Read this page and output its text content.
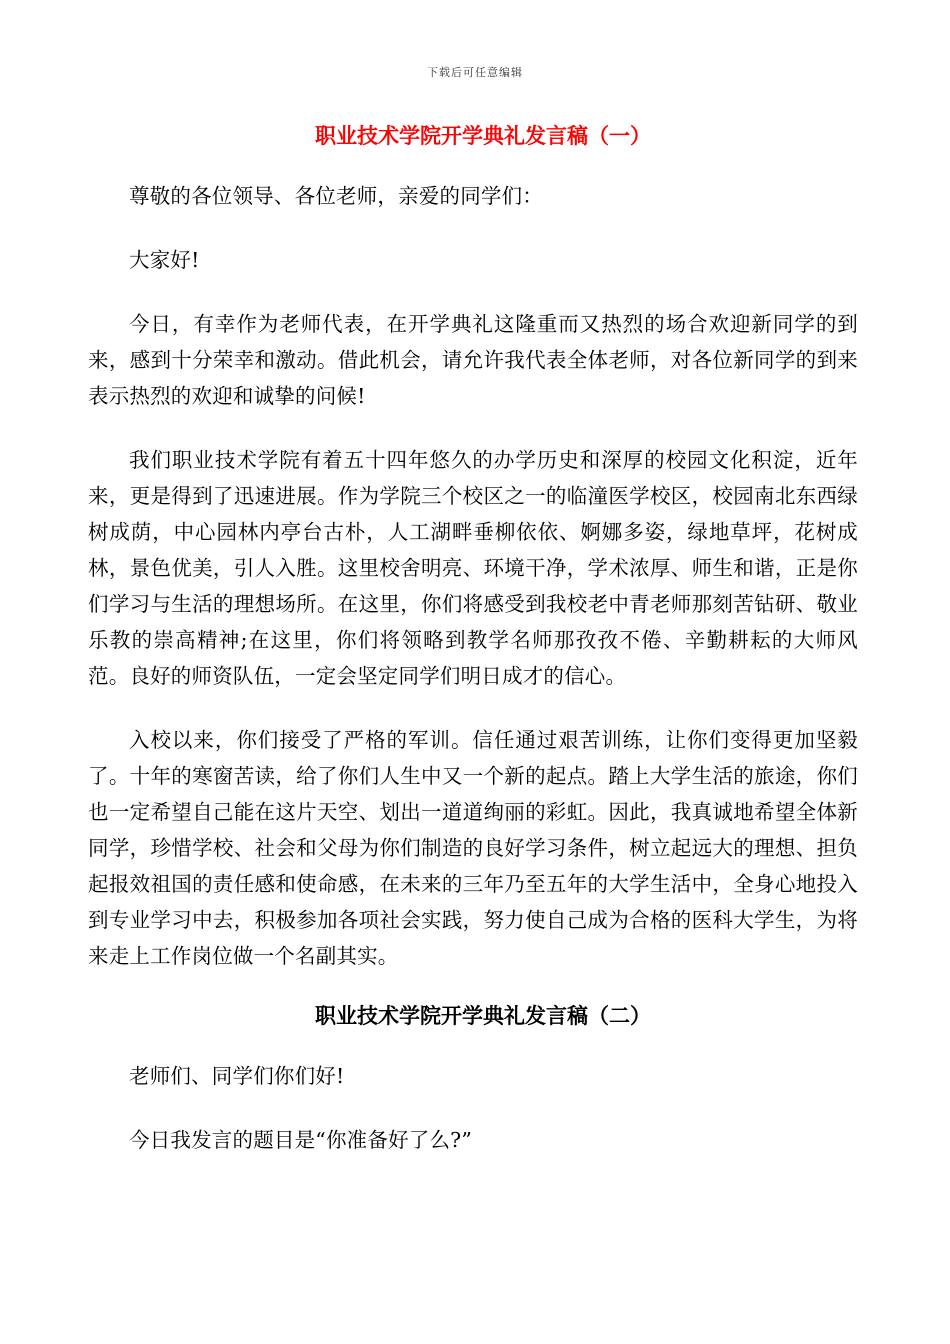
下载后可任意编辑
职业技术学院开学典礼发言稿（一）

尊敬的各位领导、各位老师，亲爱的同学们：

大家好!

今日，有幸作为老师代表，在开学典礼这隆重而又热烈的场合欢迎新同学的到来，感到十分荣幸和激动。借此机会，请允许我代表全体老师，对各位新同学的到来表示热烈的欢迎和诚挚的问候!

我们职业技术学院有着五十四年悠久的办学历史和深厚的校园文化积淀，近年来，更是得到了迅速进展。作为学院三个校区之一的临潼医学校区，校园南北东西绿树成荫，中心园林内亭台古朴，人工湖畔垂柳依依、婀娜多姿，绿地草坪，花树成林，景色优美，引人入胜。这里校舍明亮、环境干净，学术浓厚、师生和谐，正是你们学习与生活的理想场所。在这里，你们将感受到我校老中青老师那刻苦钻研、敬业乐教的崇高精神;在这里，你们将领略到教学名师那孜孜不倦、辛勤耕耘的大师风范。良好的师资队伍，一定会坚定同学们明日成才的信心。

入校以来，你们接受了严格的军训。信任通过艰苦训练，让你们变得更加坚毅了。十年的寒窗苦读，给了你们人生中又一个新的起点。踏上大学生活的旅途，你们也一定希望自己能在这片天空、划出一道道绚丽的彩虹。因此，我真诚地希望全体新同学，珍惜学校、社会和父母为你们制造的良好学习条件，树立起远大的理想、担负起报效祖国的责任感和使命感，在未来的三年乃至五年的大学生活中，全身心地投入到专业学习中去，积极参加各项社会实践，努力使自己成为合格的医科大学生，为将来走上工作岗位做一个名副其实。

职业技术学院开学典礼发言稿（二）

老师们、同学们你们好!

今日我发言的题目是“你准备好了么?”
